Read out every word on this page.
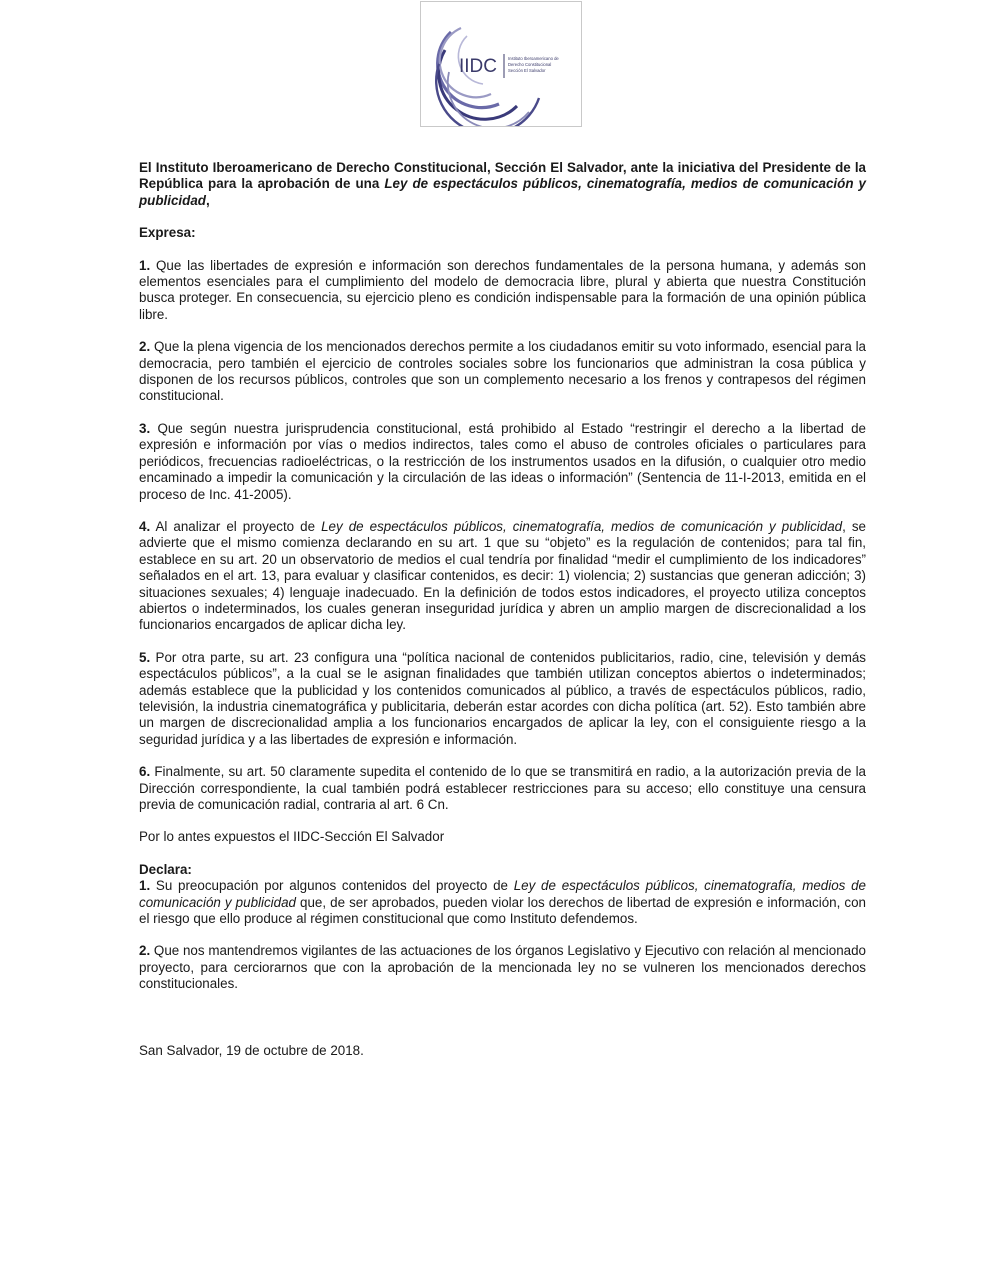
IIDC	Instituto Iberoamericano de
Derecho Constitucional
Sección El Salvador

El Instituto Iberoamericano de Derecho Constitucional, Sección El Salvador, ante la iniciativa del Presidente de la República para la aprobación de una Ley de espectáculos públicos, cinematografía, medios de comunicación y publicidad,

Expresa:

1. Que las libertades de expresión e información son derechos fundamentales de la persona humana, y además son elementos esenciales para el cumplimiento del modelo de democracia libre, plural y abierta que nuestra Constitución busca proteger. En consecuencia, su ejercicio pleno es condición indispensable para la formación de una opinión pública libre.

2. Que la plena vigencia de los mencionados derechos permite a los ciudadanos emitir su voto informado, esencial para la democracia, pero también el ejercicio de controles sociales sobre los funcionarios que administran la cosa pública y disponen de los recursos públicos, controles que son un complemento necesario a los frenos y contrapesos del régimen constitucional.

3. Que según nuestra jurisprudencia constitucional, está prohibido al Estado “restringir el derecho a la libertad de expresión e información por vías o medios indirectos, tales como el abuso de controles oficiales o particulares para periódicos, frecuencias radioeléctricas, o la restricción de los instrumentos usados en la difusión, o cualquier otro medio encaminado a impedir la comunicación y la circulación de las ideas o información” (Sentencia de 11-I-2013, emitida en el proceso de Inc. 41-2005).

4. Al analizar el proyecto de Ley de espectáculos públicos, cinematografía, medios de comunicación y publicidad, se advierte que el mismo comienza declarando en su art. 1 que su “objeto” es la regulación de contenidos; para tal fin, establece en su art. 20 un observatorio de medios el cual tendría por finalidad “medir el cumplimiento de los indicadores” señalados en el art. 13, para evaluar y clasificar contenidos, es decir: 1) violencia; 2) sustancias que generan adicción; 3) situaciones sexuales; 4) lenguaje inadecuado. En la definición de todos estos indicadores, el proyecto utiliza conceptos abiertos o indeterminados, los cuales generan inseguridad jurídica y abren un amplio margen de discrecionalidad a los funcionarios encargados de aplicar dicha ley.

5. Por otra parte, su art. 23 configura una “política nacional de contenidos publicitarios, radio, cine, televisión y demás espectáculos públicos”, a la cual se le asignan finalidades que también utilizan conceptos abiertos o indeterminados; además establece que la publicidad y los contenidos comunicados al público, a través de espectáculos públicos, radio, televisión, la industria cinematográfica y publicitaria, deberán estar acordes con dicha política (art. 52). Esto también abre un margen de discrecionalidad amplia a los funcionarios encargados de aplicar la ley, con el consiguiente riesgo a la seguridad jurídica y a las libertades de expresión e información.

6. Finalmente, su art. 50 claramente supedita el contenido de lo que se transmitirá en radio, a la autorización previa de la Dirección correspondiente, la cual también podrá establecer restricciones para su acceso; ello constituye una censura previa de comunicación radial, contraria al art. 6 Cn.

Por lo antes expuestos el IIDC-Sección El Salvador

Declara:

1. Su preocupación por algunos contenidos del proyecto de Ley de espectáculos públicos, cinematografía, medios de comunicación y publicidad que, de ser aprobados, pueden violar los derechos de libertad de expresión e información, con el riesgo que ello produce al régimen constitucional que como Instituto defendemos.

2. Que nos mantendremos vigilantes de las actuaciones de los órganos Legislativo y Ejecutivo con relación al mencionado proyecto, para cerciorarnos que con la aprobación de la mencionada ley no se vulneren los mencionados derechos constitucionales.

San Salvador, 19 de octubre de 2018.
